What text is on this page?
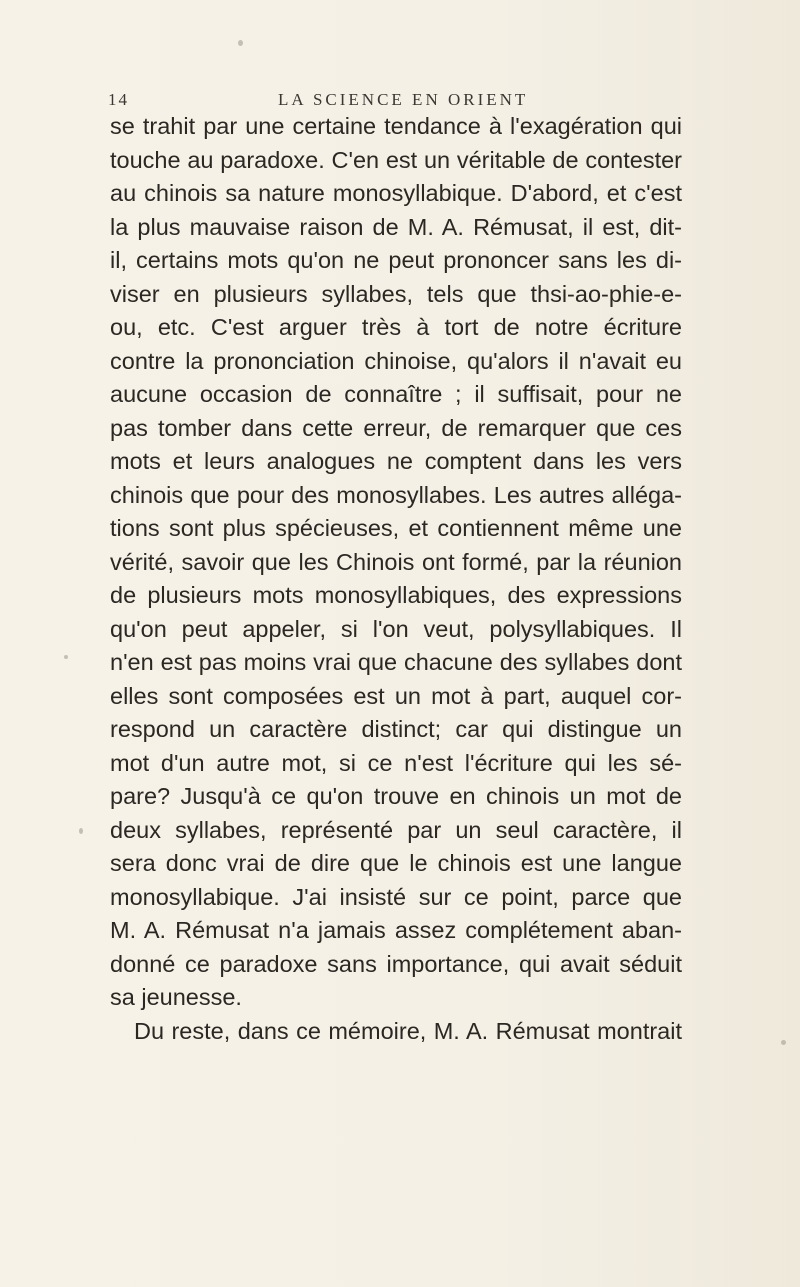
14	LA SCIENCE EN ORIENT
se trahit par une certaine tendance à l'exagération qui
touche au paradoxe. C'en est un véritable de contester
au chinois sa nature monosyllabique. D'abord, et c'est
la plus mauvaise raison de M. A. Rémusat, il est, dit-
il, certains mots qu'on ne peut prononcer sans les di-
viser en plusieurs syllabes, tels que thsi-ao-phie-e-
ou, etc. C'est arguer très à tort de notre écriture
contre la prononciation chinoise, qu'alors il n'avait eu
aucune occasion de connaître ; il suffisait, pour ne
pas tomber dans cette erreur, de remarquer que ces
mots et leurs analogues ne comptent dans les vers
chinois que pour des monosyllabes. Les autres alléga-
tions sont plus spécieuses, et contiennent même une
vérité, savoir que les Chinois ont formé, par la réunion
de plusieurs mots monosyllabiques, des expressions
qu'on peut appeler, si l'on veut, polysyllabiques. Il
n'en est pas moins vrai que chacune des syllabes dont
elles sont composées est un mot à part, auquel cor-
respond un caractère distinct; car qui distingue un
mot d'un autre mot, si ce n'est l'écriture qui les sé-
pare? Jusqu'à ce qu'on trouve en chinois un mot de
deux syllabes, représenté par un seul caractère, il
sera donc vrai de dire que le chinois est une langue
monosyllabique. J'ai insisté sur ce point, parce que
M. A. Rémusat n'a jamais assez complétement aban-
donné ce paradoxe sans importance, qui avait séduit
sa jeunesse.
Du reste, dans ce mémoire, M. A. Rémusat montrait
